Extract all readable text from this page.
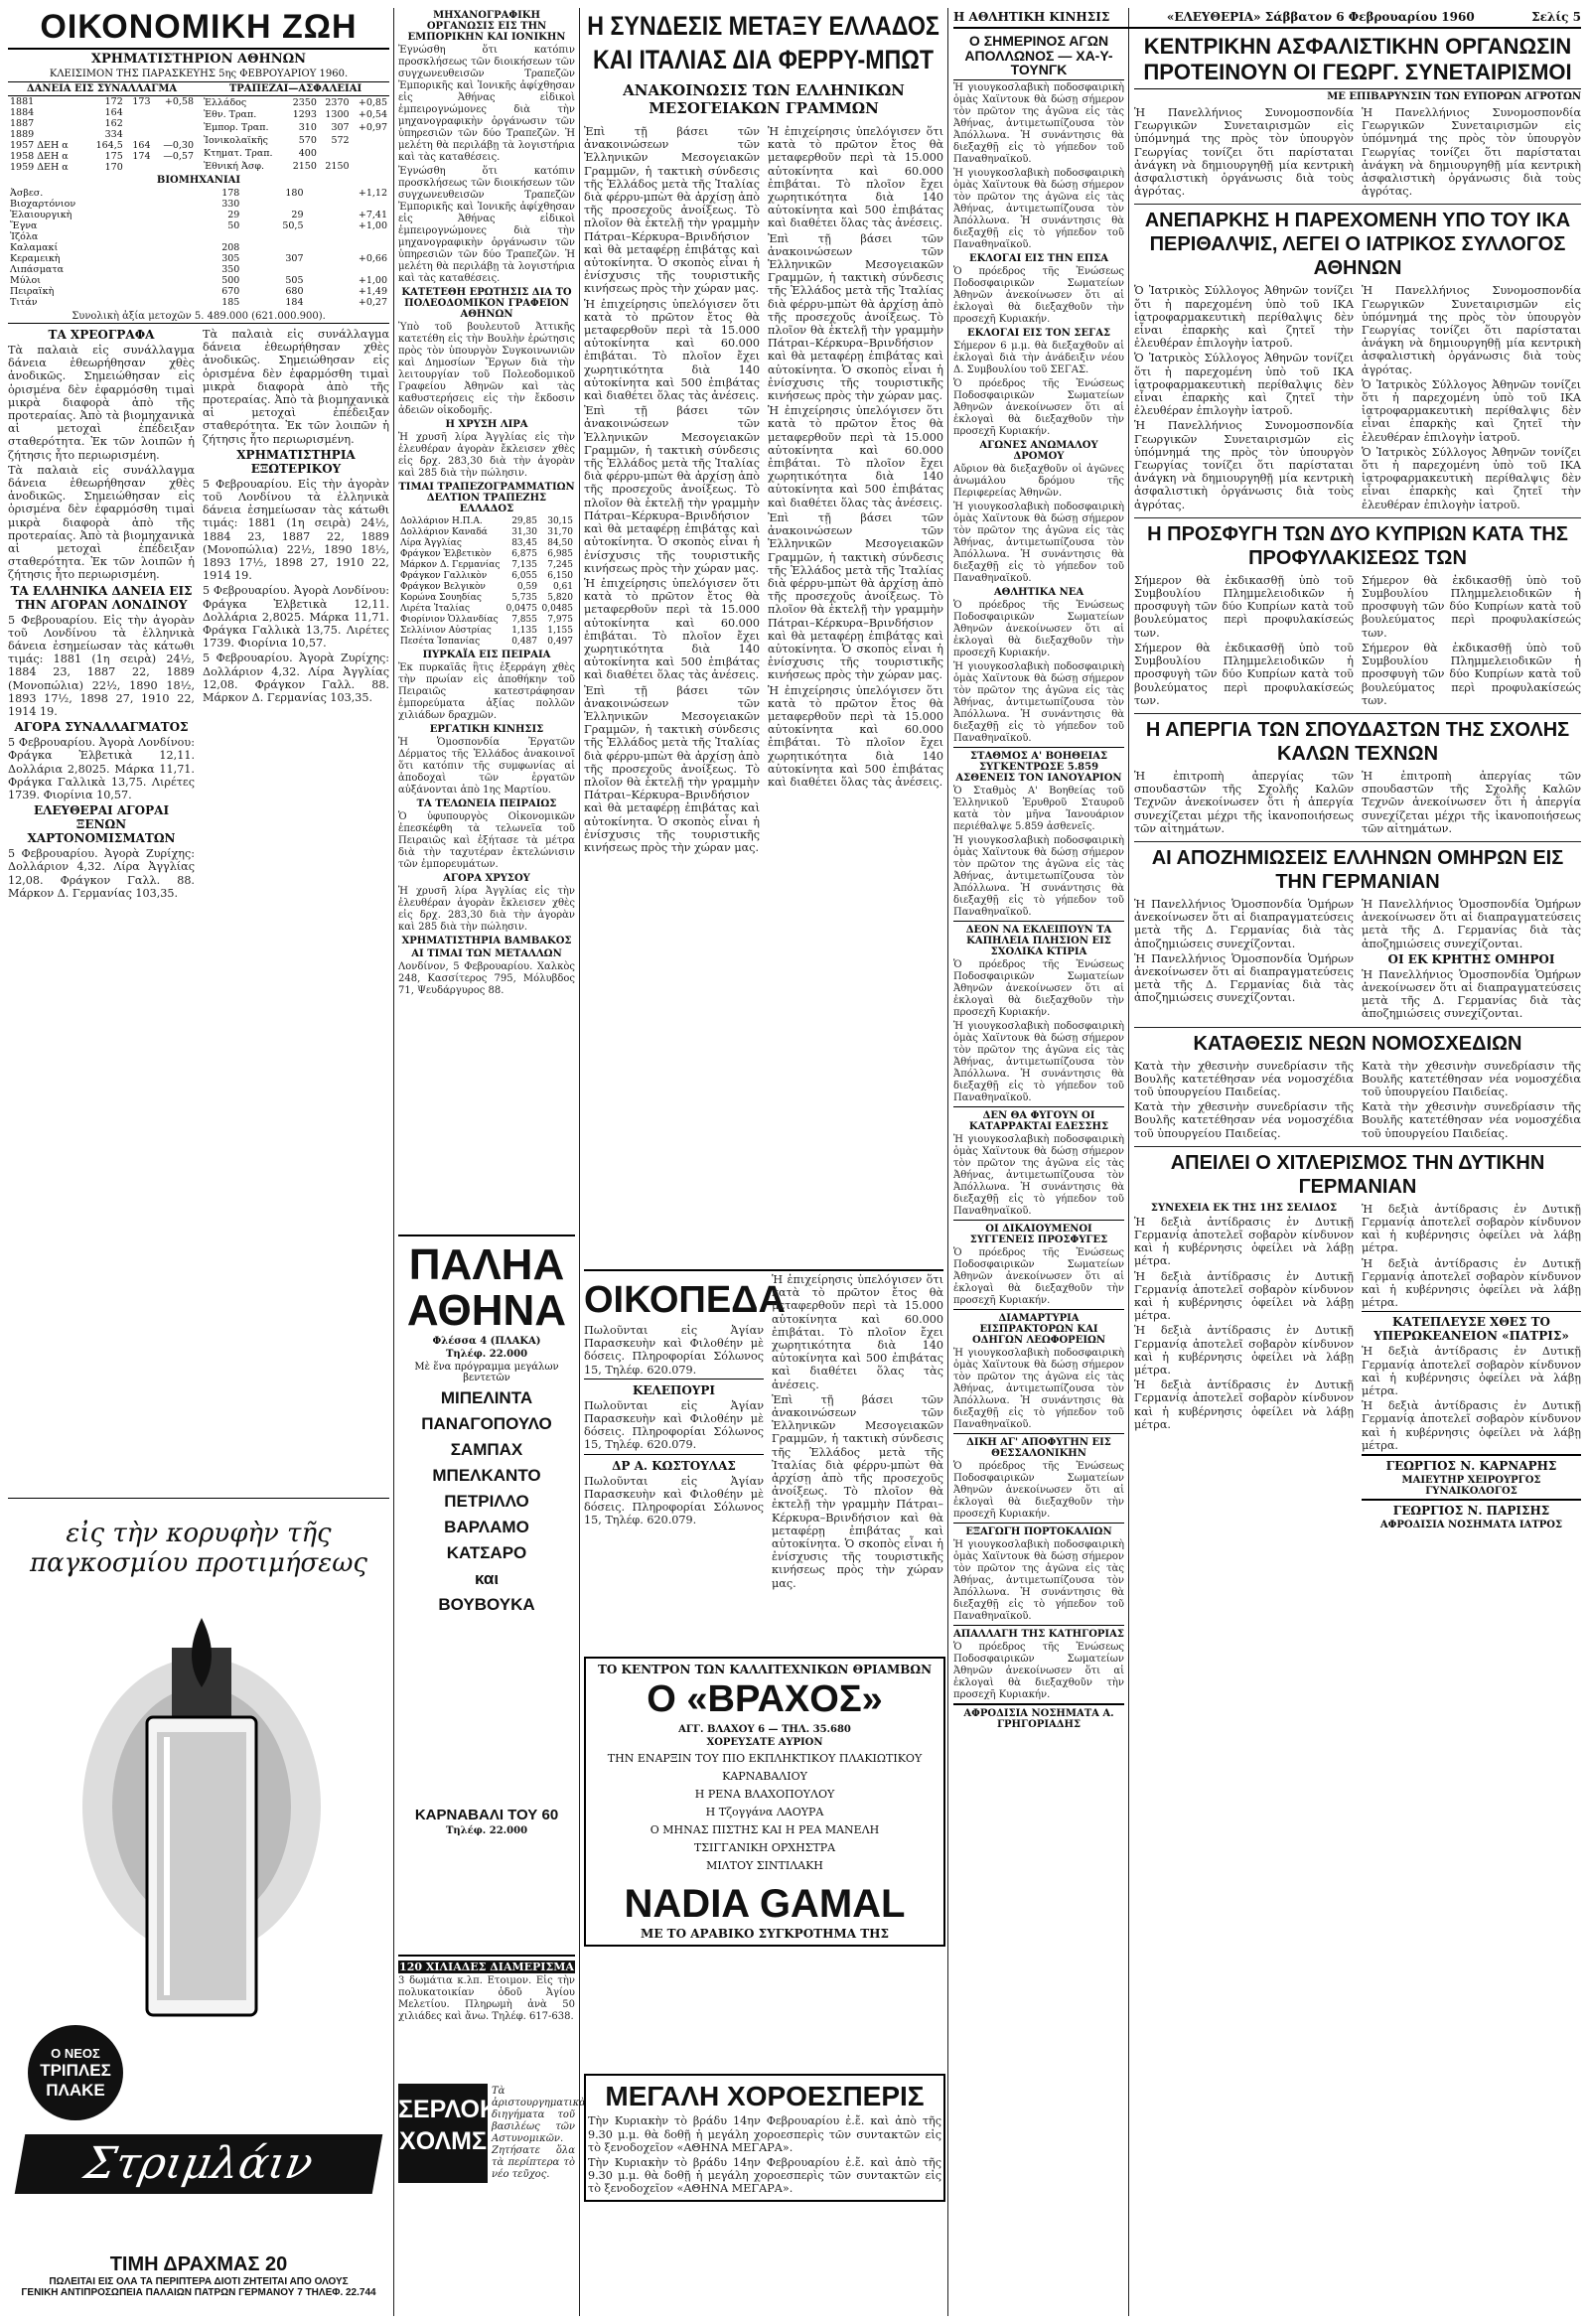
ΟΙΚΟΝΟΜΙΚΗ ΖΩΗ
ΧΡΗΜΑΤΙΣΤΗΡΙΟΝ ΑΘΗΝΩΝ
ΚΛΕΙΣΙΜΟΝ ΤΗΣ ΠΑΡΑΣΚΕΥΗΣ 5ης ΦΕΒΡΟΥΑΡΙΟΥ 1960.
ΔΑΝΕΙΑ ΕΙΣ ΣΥΝΑΛΛΑΓΜΑ	ΤΡΑΠΕΖΑΙ—ΑΣΦΑΛΕΙΑΙ
1881	172	173	+0,58
1884	164		
1887	162		
1889	334		
1957 ΔΕΗ α	164,5	164	—0,30
1958 ΔΕΗ α	175	174	—0,57
1959 ΔΕΗ α	170		
Ἑλλάδος	2350	2370	+0,85
Ἐθν. Τραπ.	1293	1300	+0,54
Ἐμπορ. Τραπ.	310	307	+0,97
Ἰονικολαϊκῆς	570	572	
Κτηματ. Τραπ.	400		
Ἐθνική Ἀσφ.	2150	2150	
ΒΙΟΜΗΧΑΝΙΑΙ
Ἀσβεσ.	178	180	+1,12
Βιοχαρτόνιον	330		
Ἐλαιουργικὴ	29	29	+7,41
Ἔγνα	50	50,5	+1,00
Ἰζόλα			
Καλαμακί	208		
Κεραμεικὴ	305	307	+0,66
Λιπάσματα	350		
Μύλοι	500	505	+1,00
Πειραϊκὴ	670	680	+1,49
Τιτάν	185	184	+0,27
Συνολικὴ ἀξία μετοχῶν 5. 489.000 (621.000.900).
ΤΑ ΧΡΕΟΓΡΑΦΑ
Τὰ παλαιὰ εἰς συνάλλαγμα δάνεια ἐθεωρήθησαν χθὲς ἀνοδικῶς. Σημειώθησαν εἰς ὁρισμένα δὲν ἐφαρμόσθη τιμαὶ μικρὰ διαφορὰ ἀπὸ τῆς προτεραίας. Ἀπὸ τὰ βιομηχανικὰ αἱ μετοχαὶ ἐπέδειξαν σταθερότητα. Ἐκ τῶν λοιπῶν ἡ ζήτησις ἦτο περιωρισμένη.
Τὰ παλαιὰ εἰς συνάλλαγμα δάνεια ἐθεωρήθησαν χθὲς ἀνοδικῶς. Σημειώθησαν εἰς ὁρισμένα δὲν ἐφαρμόσθη τιμαὶ μικρὰ διαφορὰ ἀπὸ τῆς προτεραίας. Ἀπὸ τὰ βιομηχανικὰ αἱ μετοχαὶ ἐπέδειξαν σταθερότητα. Ἐκ τῶν λοιπῶν ἡ ζήτησις ἦτο περιωρισμένη.
ΤΑ ΕΛΛΗΝΙΚΑ ΔΑΝΕΙΑ ΕΙΣ ΤΗΝ ΑΓΟΡΑΝ ΛΟΝΔΙΝΟΥ
5 Φεβρουαρίου. Εἰς τὴν ἀγορὰν τοῦ Λονδίνου τὰ ἑλληνικὰ δάνεια ἐσημείωσαν τὰς κάτωθι τιμάς: 1881 (1η σειρὰ) 24½, 1884 23, 1887 22, 1889 (Μονοπώλια) 22½, 1890 18½, 1893 17½, 1898 27, 1910 22, 1914 19.
ΑΓΟΡΑ ΣΥΝΑΛΛΑΓΜΑΤΟΣ
5 Φεβρουαρίου. Ἀγορὰ Λονδίνου: Φράγκα Ἑλβετικὰ 12,11. Δολλάρια 2,8025. Μάρκα 11,71. Φράγκα Γαλλικὰ 13,75. Λιρέτες 1739. Φιορίνια 10,57.
ΕΛΕΥΘΕΡΑΙ ΑΓΟΡΑΙ ΞΕΝΩΝ ΧΑΡΤΟΝΟΜΙΣΜΑΤΩΝ
5 Φεβρουαρίου. Ἀγορὰ Ζυρίχης: Δολλάριον 4,32. Λίρα Ἀγγλίας 12,08. Φράγκον Γαλλ. 88. Μάρκον Δ. Γερμανίας 103,35.
Τὰ παλαιὰ εἰς συνάλλαγμα δάνεια ἐθεωρήθησαν χθὲς ἀνοδικῶς. Σημειώθησαν εἰς ὁρισμένα δὲν ἐφαρμόσθη τιμαὶ μικρὰ διαφορὰ ἀπὸ τῆς προτεραίας. Ἀπὸ τὰ βιομηχανικὰ αἱ μετοχαὶ ἐπέδειξαν σταθερότητα. Ἐκ τῶν λοιπῶν ἡ ζήτησις ἦτο περιωρισμένη.
ΧΡΗΜΑΤΙΣΤΗΡΙΑ ΕΞΩΤΕΡΙΚΟΥ
5 Φεβρουαρίου. Εἰς τὴν ἀγορὰν τοῦ Λονδίνου τὰ ἑλληνικὰ δάνεια ἐσημείωσαν τὰς κάτωθι τιμάς: 1881 (1η σειρὰ) 24½, 1884 23, 1887 22, 1889 (Μονοπώλια) 22½, 1890 18½, 1893 17½, 1898 27, 1910 22, 1914 19.
5 Φεβρουαρίου. Ἀγορὰ Λονδίνου: Φράγκα Ἑλβετικὰ 12,11. Δολλάρια 2,8025. Μάρκα 11,71. Φράγκα Γαλλικὰ 13,75. Λιρέτες 1739. Φιορίνια 10,57.
5 Φεβρουαρίου. Ἀγορὰ Ζυρίχης: Δολλάριον 4,32. Λίρα Ἀγγλίας 12,08. Φράγκον Γαλλ. 88. Μάρκον Δ. Γερμανίας 103,35.
εἰς τὴν κορυφὴν τῆς παγκοσμίου προτιμήσεως
Ο ΝΕΟΣ
ΤΡΙΠΛΕΣ
ΠΛΑΚΕ
Στριμλάιν
ΤΙΜΗ ΔΡΑΧΜΑΣ 20
ΠΩΛΕΙΤΑΙ ΕΙΣ ΟΛΑ ΤΑ ΠΕΡΙΠΤΕΡΑ ΔΙΟΤΙ ΖΗΤΕΙΤΑΙ ΑΠΟ ΟΛΟΥΣ
ΓΕΝΙΚΗ ΑΝΤΙΠΡΟΣΩΠΕΙΑ ΠΑΛΑΙΩΝ ΠΑΤΡΩΝ ΓΕΡΜΑΝΟΥ 7 ΤΗΛΕΦ. 22.744
ΜΗΧΑΝΟΓΡΑΦΙΚΗ ΟΡΓΑΝΩΣΙΣ ΕΙΣ ΤΗΝ ΕΜΠΟΡΙΚΗΝ ΚΑΙ ΙΟΝΙΚΗΝ
Ἐγνώσθη ὅτι κατόπιν προσκλήσεως τῶν διοικήσεων τῶν συγχωνευθεισῶν Τραπεζῶν Ἐμπορικῆς καὶ Ἰονικῆς ἀφίχθησαν εἰς Ἀθήνας εἰδικοὶ ἐμπειρογνώμονες διὰ τὴν μηχανογραφικὴν ὀργάνωσιν τῶν ὑπηρεσιῶν τῶν δύο Τραπεζῶν. Ἡ μελέτη θὰ περιλάβῃ τὰ λογιστήρια καὶ τὰς καταθέσεις.
Ἐγνώσθη ὅτι κατόπιν προσκλήσεως τῶν διοικήσεων τῶν συγχωνευθεισῶν Τραπεζῶν Ἐμπορικῆς καὶ Ἰονικῆς ἀφίχθησαν εἰς Ἀθήνας εἰδικοὶ ἐμπειρογνώμονες διὰ τὴν μηχανογραφικὴν ὀργάνωσιν τῶν ὑπηρεσιῶν τῶν δύο Τραπεζῶν. Ἡ μελέτη θὰ περιλάβῃ τὰ λογιστήρια καὶ τὰς καταθέσεις.
ΚΑΤΕΤΕΘΗ ΕΡΩΤΗΣΙΣ ΔΙΑ ΤΟ ΠΟΛΕΟΔΟΜΙΚΟΝ ΓΡΑΦΕΙΟΝ ΑΘΗΝΩΝ
Ὑπὸ τοῦ βουλευτοῦ Ἀττικῆς κατετέθη εἰς τὴν Βουλὴν ἐρώτησις πρὸς τὸν ὑπουργὸν Συγκοινωνιῶν καὶ Δημοσίων Ἔργων διὰ τὴν λειτουργίαν τοῦ Πολεοδομικοῦ Γραφείου Ἀθηνῶν καὶ τὰς καθυστερήσεις εἰς τὴν ἔκδοσιν ἀδειῶν οἰκοδομῆς.
Η ΧΡΥΣΗ ΛΙΡΑ
Ἡ χρυσῆ λίρα Ἀγγλίας εἰς τὴν ἐλευθέραν ἀγορὰν ἔκλεισεν χθὲς εἰς δρχ. 283,30 διὰ τὴν ἀγορὰν καὶ 285 διὰ τὴν πώλησιν.
ΤΙΜΑΙ ΤΡΑΠΕΖΟΓΡΑΜΜΑΤΙΩΝ ΔΕΛΤΙΟΝ ΤΡΑΠΕΖΗΣ ΕΛΛΑΔΟΣ
Δολλάριον Η.Π.Α.	29,85	30,15
Δολλάριον Καναδά	31,30	31,70
Λίρα Ἀγγλίας	83,45	84,50
Φράγκον Ἑλβετικὸν	6,875	6,985
Μάρκον Δ. Γερμανίας	7,135	7,245
Φράγκον Γαλλικὸν	6,055	6,150
Φράγκον Βελγικὸν	0,59	0,61
Κορώνα Σουηδίας	5,735	5,820
Λιρέτα Ἰταλίας	0,0475	0,0485
Φιορίνιον Ὁλλανδίας	7,855	7,975
Σελλίνιον Αὐστρίας	1,135	1,155
Πεσέτα Ἰσπανίας	0,487	0,497
ΠΥΡΚΑΪΑ ΕΙΣ ΠΕΙΡΑΙΑ
Ἐκ πυρκαϊᾶς ἣτις ἐξερράγη χθὲς τὴν πρωίαν εἰς ἀποθήκην τοῦ Πειραιῶς κατεστράφησαν ἐμπορεύματα ἀξίας πολλῶν χιλιάδων δραχμῶν.
ΕΡΓΑΤΙΚΗ ΚΙΝΗΣΙΣ
Ἡ Ὁμοσπονδία Ἐργατῶν Δέρματος τῆς Ἑλλάδος ἀνακοινοῖ ὅτι κατόπιν τῆς συμφωνίας αἱ ἀποδοχαὶ τῶν ἐργατῶν αὐξάνονται ἀπὸ 1ης Μαρτίου.
ΤΑ ΤΕΛΩΝΕΙΑ ΠΕΙΡΑΙΩΣ
Ὁ ὑφυπουργὸς Οἰκονομικῶν ἐπεσκέφθη τὰ τελωνεῖα τοῦ Πειραιῶς καὶ ἐξήτασε τὰ μέτρα διὰ τὴν ταχυτέραν ἐκτελώνισιν τῶν ἐμπορευμάτων.
ΑΓΟΡΑ ΧΡΥΣΟΥ
Ἡ χρυσῆ λίρα Ἀγγλίας εἰς τὴν ἐλευθέραν ἀγορὰν ἔκλεισεν χθὲς εἰς δρχ. 283,30 διὰ τὴν ἀγορὰν καὶ 285 διὰ τὴν πώλησιν.
ΧΡΗΜΑΤΙΣΤΗΡΙΑ ΒΑΜΒΑΚΟΣ
ΑΙ ΤΙΜΑΙ ΤΩΝ ΜΕΤΑΛΛΩΝ
Λονδίνον, 5 Φεβρουαρίου. Χαλκὸς 248, Κασσίτερος 795, Μόλυβδος 71, Ψευδάργυρος 88.
ΠΑΛΗΑ
ΑΘΗΝΑ
Φλέσσα 4 (ΠΛΑΚΑ)
Τηλέφ. 22.000
Μὲ ἕνα πρόγραμμα μεγάλων βεντετῶν
ΜΙΠΕΛΙΝΤΑ
ΠΑΝΑΓΟΠΟΥΛΟ
ΣΑΜΠΑΧ
ΜΠΕΛΚΑΝΤΟ
ΠΕΤΡΙΛΛΟ
ΒΑΡΛΑΜΟ
ΚΑΤΣΑΡΟ
και
ΒΟΥΒΟΥΚΑ
ΚΑΡΝΑΒΑΛΙ ΤΟΥ 60
Τηλέφ. 22.000
120 ΧΙΛΙΑΔΕΣ ΔΙΑΜΕΡΙΣΜΑ
3 δωμάτια κ.λπ. Ετοιμον. Εἰς τὴν πολυκατοικίαν ὁδοῦ Ἀγίου Μελετίου. Πληρωμὴ ἀνὰ 50 χιλιάδες καὶ ἄνω. Τηλέφ. 617-638.
ΣΕΡΛΟΚ
ΧΟΛΜΣ
Τὰ ἀριστουργηματικὰ διηγήματα τοῦ βασιλέως τῶν Αστυνομικῶν. Ζητήσατε ὅλα τὰ περίπτερα τὸ νέο τεῦχος.
Η ΣΥΝΔΕΣΙΣ ΜΕΤΑΞΥ ΕΛΛΑΔΟΣ
ΚΑΙ ΙΤΑΛΙΑΣ ΔΙΑ ΦΕΡΡΥ-ΜΠΩΤ
ΑΝΑΚΟΙΝΩΣΙΣ ΤΩΝ ΕΛΛΗΝΙΚΩΝ ΜΕΣΟΓΕΙΑΚΩΝ ΓΡΑΜΜΩΝ
Ἐπὶ τῇ βάσει τῶν ἀνακοινώσεων τῶν Ἑλληνικῶν Μεσογειακῶν Γραμμῶν, ἡ τακτικὴ σύνδεσις τῆς Ἑλλάδος μετὰ τῆς Ἰταλίας διὰ φέρρυ-μπὼτ θὰ ἀρχίσῃ ἀπὸ τῆς προσεχοῦς ἀνοίξεως. Τὸ πλοῖον θὰ ἐκτελῇ τὴν γραμμὴν Πάτραι–Κέρκυρα–Βρινδήσιον καὶ θὰ μεταφέρῃ ἐπιβάτας καὶ αὐτοκίνητα. Ὁ σκοπὸς εἶναι ἡ ἐνίσχυσις τῆς τουριστικῆς κινήσεως πρὸς τὴν χώραν μας.
Ἡ ἐπιχείρησις ὑπελόγισεν ὅτι κατὰ τὸ πρῶτον ἔτος θὰ μεταφερθοῦν περὶ τὰ 15.000 αὐτοκίνητα καὶ 60.000 ἐπιβάται. Τὸ πλοῖον ἔχει χωρητικότητα διὰ 140 αὐτοκίνητα καὶ 500 ἐπιβάτας καὶ διαθέτει ὅλας τὰς ἀνέσεις.
Ἐπὶ τῇ βάσει τῶν ἀνακοινώσεων τῶν Ἑλληνικῶν Μεσογειακῶν Γραμμῶν, ἡ τακτικὴ σύνδεσις τῆς Ἑλλάδος μετὰ τῆς Ἰταλίας διὰ φέρρυ-μπὼτ θὰ ἀρχίσῃ ἀπὸ τῆς προσεχοῦς ἀνοίξεως. Τὸ πλοῖον θὰ ἐκτελῇ τὴν γραμμὴν Πάτραι–Κέρκυρα–Βρινδήσιον καὶ θὰ μεταφέρῃ ἐπιβάτας καὶ αὐτοκίνητα. Ὁ σκοπὸς εἶναι ἡ ἐνίσχυσις τῆς τουριστικῆς κινήσεως πρὸς τὴν χώραν μας.
Ἡ ἐπιχείρησις ὑπελόγισεν ὅτι κατὰ τὸ πρῶτον ἔτος θὰ μεταφερθοῦν περὶ τὰ 15.000 αὐτοκίνητα καὶ 60.000 ἐπιβάται. Τὸ πλοῖον ἔχει χωρητικότητα διὰ 140 αὐτοκίνητα καὶ 500 ἐπιβάτας καὶ διαθέτει ὅλας τὰς ἀνέσεις.
Ἐπὶ τῇ βάσει τῶν ἀνακοινώσεων τῶν Ἑλληνικῶν Μεσογειακῶν Γραμμῶν, ἡ τακτικὴ σύνδεσις τῆς Ἑλλάδος μετὰ τῆς Ἰταλίας διὰ φέρρυ-μπὼτ θὰ ἀρχίσῃ ἀπὸ τῆς προσεχοῦς ἀνοίξεως. Τὸ πλοῖον θὰ ἐκτελῇ τὴν γραμμὴν Πάτραι–Κέρκυρα–Βρινδήσιον καὶ θὰ μεταφέρῃ ἐπιβάτας καὶ αὐτοκίνητα. Ὁ σκοπὸς εἶναι ἡ ἐνίσχυσις τῆς τουριστικῆς κινήσεως πρὸς τὴν χώραν μας.
Ἡ ἐπιχείρησις ὑπελόγισεν ὅτι κατὰ τὸ πρῶτον ἔτος θὰ μεταφερθοῦν περὶ τὰ 15.000 αὐτοκίνητα καὶ 60.000 ἐπιβάται. Τὸ πλοῖον ἔχει χωρητικότητα διὰ 140 αὐτοκίνητα καὶ 500 ἐπιβάτας καὶ διαθέτει ὅλας τὰς ἀνέσεις.
Ἐπὶ τῇ βάσει τῶν ἀνακοινώσεων τῶν Ἑλληνικῶν Μεσογειακῶν Γραμμῶν, ἡ τακτικὴ σύνδεσις τῆς Ἑλλάδος μετὰ τῆς Ἰταλίας διὰ φέρρυ-μπὼτ θὰ ἀρχίσῃ ἀπὸ τῆς προσεχοῦς ἀνοίξεως. Τὸ πλοῖον θὰ ἐκτελῇ τὴν γραμμὴν Πάτραι–Κέρκυρα–Βρινδήσιον καὶ θὰ μεταφέρῃ ἐπιβάτας καὶ αὐτοκίνητα. Ὁ σκοπὸς εἶναι ἡ ἐνίσχυσις τῆς τουριστικῆς κινήσεως πρὸς τὴν χώραν μας.
Ἡ ἐπιχείρησις ὑπελόγισεν ὅτι κατὰ τὸ πρῶτον ἔτος θὰ μεταφερθοῦν περὶ τὰ 15.000 αὐτοκίνητα καὶ 60.000 ἐπιβάται. Τὸ πλοῖον ἔχει χωρητικότητα διὰ 140 αὐτοκίνητα καὶ 500 ἐπιβάτας καὶ διαθέτει ὅλας τὰς ἀνέσεις.
Ἐπὶ τῇ βάσει τῶν ἀνακοινώσεων τῶν Ἑλληνικῶν Μεσογειακῶν Γραμμῶν, ἡ τακτικὴ σύνδεσις τῆς Ἑλλάδος μετὰ τῆς Ἰταλίας διὰ φέρρυ-μπὼτ θὰ ἀρχίσῃ ἀπὸ τῆς προσεχοῦς ἀνοίξεως. Τὸ πλοῖον θὰ ἐκτελῇ τὴν γραμμὴν Πάτραι–Κέρκυρα–Βρινδήσιον καὶ θὰ μεταφέρῃ ἐπιβάτας καὶ αὐτοκίνητα. Ὁ σκοπὸς εἶναι ἡ ἐνίσχυσις τῆς τουριστικῆς κινήσεως πρὸς τὴν χώραν μας.
Ἡ ἐπιχείρησις ὑπελόγισεν ὅτι κατὰ τὸ πρῶτον ἔτος θὰ μεταφερθοῦν περὶ τὰ 15.000 αὐτοκίνητα καὶ 60.000 ἐπιβάται. Τὸ πλοῖον ἔχει χωρητικότητα διὰ 140 αὐτοκίνητα καὶ 500 ἐπιβάτας καὶ διαθέτει ὅλας τὰς ἀνέσεις.
ΟΙΚΟΠΕΔΑ
Πωλοῦνται εἰς Ἀγίαν Παρασκευὴν καὶ Φιλοθέην μὲ δόσεις. Πληροφορίαι Σόλωνος 15, Τηλέφ. 620.079.
ΚΕΛΕΠΟΥΡΙ
Πωλοῦνται εἰς Ἀγίαν Παρασκευὴν καὶ Φιλοθέην μὲ δόσεις. Πληροφορίαι Σόλωνος 15, Τηλέφ. 620.079.
ΔΡ Α. ΚΩΣΤΟΥΛΑΣ
Πωλοῦνται εἰς Ἀγίαν Παρασκευὴν καὶ Φιλοθέην μὲ δόσεις. Πληροφορίαι Σόλωνος 15, Τηλέφ. 620.079.
Ἡ ἐπιχείρησις ὑπελόγισεν ὅτι κατὰ τὸ πρῶτον ἔτος θὰ μεταφερθοῦν περὶ τὰ 15.000 αὐτοκίνητα καὶ 60.000 ἐπιβάται. Τὸ πλοῖον ἔχει χωρητικότητα διὰ 140 αὐτοκίνητα καὶ 500 ἐπιβάτας καὶ διαθέτει ὅλας τὰς ἀνέσεις.
Ἐπὶ τῇ βάσει τῶν ἀνακοινώσεων τῶν Ἑλληνικῶν Μεσογειακῶν Γραμμῶν, ἡ τακτικὴ σύνδεσις τῆς Ἑλλάδος μετὰ τῆς Ἰταλίας διὰ φέρρυ-μπὼτ θὰ ἀρχίσῃ ἀπὸ τῆς προσεχοῦς ἀνοίξεως. Τὸ πλοῖον θὰ ἐκτελῇ τὴν γραμμὴν Πάτραι–Κέρκυρα–Βρινδήσιον καὶ θὰ μεταφέρῃ ἐπιβάτας καὶ αὐτοκίνητα. Ὁ σκοπὸς εἶναι ἡ ἐνίσχυσις τῆς τουριστικῆς κινήσεως πρὸς τὴν χώραν μας.
ΤΟ ΚΕΝΤΡΟΝ ΤΩΝ ΚΑΛΛΙΤΕΧΝΙΚΩΝ ΘΡΙΑΜΒΩΝ
Ο «ΒΡΑΧΟΣ»
ΑΓΓ. ΒΛΑΧΟΥ 6 — ΤΗΛ. 35.680
ΧΟΡΕΥΣΑΤΕ ΑΥΡΙΟΝ
ΤΗΝ ΕΝΑΡΞΙΝ ΤΟΥ ΠΙΟ ΕΚΠΛΗΚΤΙΚΟΥ ΠΛΑΚΙΩΤΙΚΟΥ ΚΑΡΝΑΒΑΛΙΟΥ
Η ΡΕΝΑ ΒΛΑΧΟΠΟΥΛΟΥ
Η Τζογγάνα ΛΑΟΥΡΑ
Ο ΜΗΝΑΣ ΠΙΣΤΗΣ ΚΑΙ Η ΡΕΑ ΜΑΝΕΛΗ
ΤΣΙΓΓΑΝΙΚΗ ΟΡΧΗΣΤΡΑ
ΜΙΛΤΟΥ ΣΙΝΤΙΛΑΚΗ
NADIA GAMAL
ΜΕ ΤΟ ΑΡΑΒΙΚΟ ΣΥΓΚΡΟΤΗΜΑ ΤΗΣ
ΜΕΓΑΛΗ ΧΟΡΟΕΣΠΕΡΙΣ
Τὴν Κυριακὴν τὸ βράδυ 14ην Φεβρουαρίου ἐ.ἔ. καὶ ἀπὸ τῆς 9.30 μ.μ. θὰ δοθῇ ἡ μεγάλη χοροεσπερὶς τῶν συντακτῶν εἰς τὸ ξενοδοχεῖον «ΑΘΗΝΑ ΜΕΓΑΡΑ».
Τὴν Κυριακὴν τὸ βράδυ 14ην Φεβρουαρίου ἐ.ἔ. καὶ ἀπὸ τῆς 9.30 μ.μ. θὰ δοθῇ ἡ μεγάλη χοροεσπερὶς τῶν συντακτῶν εἰς τὸ ξενοδοχεῖον «ΑΘΗΝΑ ΜΕΓΑΡΑ».
Η ΑΘΛΗΤΙΚΗ ΚΙΝΗΣΙΣ	«ΕΛΕΥΘΕΡΙΑ» Σάββατον 6 Φεβρουαρίου 1960	Σελίς 5
Ο ΣΗΜΕΡΙΝΟΣ ΑΓΩΝ ΑΠΟΛΛΩΝΟΣ — ΧΑ-Υ-ΤΟΥΝΓΚ
Ἡ γιουγκοσλαβικὴ ποδοσφαιρικὴ ὁμὰς Χαϊντουκ θὰ δώσῃ σήμερον τὸν πρῶτον της ἀγῶνα εἰς τὰς Ἀθήνας, ἀντιμετωπίζουσα τὸν Ἀπόλλωνα. Ἡ συνάντησις θὰ διεξαχθῇ εἰς τὸ γήπεδον τοῦ Παναθηναϊκοῦ.
Ἡ γιουγκοσλαβικὴ ποδοσφαιρικὴ ὁμὰς Χαϊντουκ θὰ δώσῃ σήμερον τὸν πρῶτον της ἀγῶνα εἰς τὰς Ἀθήνας, ἀντιμετωπίζουσα τὸν Ἀπόλλωνα. Ἡ συνάντησις θὰ διεξαχθῇ εἰς τὸ γήπεδον τοῦ Παναθηναϊκοῦ.
ΕΚΛΟΓΑΙ ΕΙΣ ΤΗΝ ΕΠΣΑ
Ὁ πρόεδρος τῆς Ἐνώσεως Ποδοσφαιρικῶν Σωματείων Ἀθηνῶν ἀνεκοίνωσεν ὅτι αἱ ἐκλογαὶ θὰ διεξαχθοῦν τὴν προσεχῆ Κυριακήν.
ΕΚΛΟΓΑΙ ΕΙΣ ΤΟΝ ΣΕΓΑΣ
Σήμερον 6 μ.μ. θὰ διεξαχθοῦν αἱ ἐκλογαὶ διὰ τὴν ἀνάδειξιν νέου Δ. Συμβουλίου τοῦ ΣΕΓΑΣ.
Ὁ πρόεδρος τῆς Ἐνώσεως Ποδοσφαιρικῶν Σωματείων Ἀθηνῶν ἀνεκοίνωσεν ὅτι αἱ ἐκλογαὶ θὰ διεξαχθοῦν τὴν προσεχῆ Κυριακήν.
ΑΓΩΝΕΣ ΑΝΩΜΑΛΟΥ ΔΡΟΜΟΥ
Αὔριον θὰ διεξαχθοῦν οἱ ἀγῶνες ἀνωμάλου δρόμου τῆς Περιφερείας Ἀθηνῶν.
Ἡ γιουγκοσλαβικὴ ποδοσφαιρικὴ ὁμὰς Χαϊντουκ θὰ δώσῃ σήμερον τὸν πρῶτον της ἀγῶνα εἰς τὰς Ἀθήνας, ἀντιμετωπίζουσα τὸν Ἀπόλλωνα. Ἡ συνάντησις θὰ διεξαχθῇ εἰς τὸ γήπεδον τοῦ Παναθηναϊκοῦ.
ΑΘΛΗΤΙΚΑ ΝΕΑ
Ὁ πρόεδρος τῆς Ἐνώσεως Ποδοσφαιρικῶν Σωματείων Ἀθηνῶν ἀνεκοίνωσεν ὅτι αἱ ἐκλογαὶ θὰ διεξαχθοῦν τὴν προσεχῆ Κυριακήν.
Ἡ γιουγκοσλαβικὴ ποδοσφαιρικὴ ὁμὰς Χαϊντουκ θὰ δώσῃ σήμερον τὸν πρῶτον της ἀγῶνα εἰς τὰς Ἀθήνας, ἀντιμετωπίζουσα τὸν Ἀπόλλωνα. Ἡ συνάντησις θὰ διεξαχθῇ εἰς τὸ γήπεδον τοῦ Παναθηναϊκοῦ.
ΣΤΑΘΜΟΣ Α' ΒΟΗΘΕΙΑΣ ΣΥΓΚΕΝΤΡΩΣΕ 5.859 ΑΣΘΕΝΕΙΣ ΤΟΝ ΙΑΝΟΥΑΡΙΟΝ
Ὁ Σταθμὸς Α' Βοηθείας τοῦ Ἑλληνικοῦ Ἐρυθροῦ Σταυροῦ κατὰ τὸν μῆνα Ἰανουάριον περιέθαλψε 5.859 ἀσθενεῖς.
Ἡ γιουγκοσλαβικὴ ποδοσφαιρικὴ ὁμὰς Χαϊντουκ θὰ δώσῃ σήμερον τὸν πρῶτον της ἀγῶνα εἰς τὰς Ἀθήνας, ἀντιμετωπίζουσα τὸν Ἀπόλλωνα. Ἡ συνάντησις θὰ διεξαχθῇ εἰς τὸ γήπεδον τοῦ Παναθηναϊκοῦ.
ΔΕΟΝ ΝΑ ΕΚΛΕΙΠΟΥΝ ΤΑ ΚΑΠΗΛΕΙΑ ΠΛΗΣΙΟΝ ΕΙΣ ΣΧΟΛΙΚΑ ΚΤΙΡΙΑ
Ὁ πρόεδρος τῆς Ἐνώσεως Ποδοσφαιρικῶν Σωματείων Ἀθηνῶν ἀνεκοίνωσεν ὅτι αἱ ἐκλογαὶ θὰ διεξαχθοῦν τὴν προσεχῆ Κυριακήν.
Ἡ γιουγκοσλαβικὴ ποδοσφαιρικὴ ὁμὰς Χαϊντουκ θὰ δώσῃ σήμερον τὸν πρῶτον της ἀγῶνα εἰς τὰς Ἀθήνας, ἀντιμετωπίζουσα τὸν Ἀπόλλωνα. Ἡ συνάντησις θὰ διεξαχθῇ εἰς τὸ γήπεδον τοῦ Παναθηναϊκοῦ.
ΔΕΝ ΘΑ ΦΥΓΟΥΝ ΟΙ ΚΑΤΑΡΡΑΚΤΑΙ ΕΔΕΣΣΗΣ
Ἡ γιουγκοσλαβικὴ ποδοσφαιρικὴ ὁμὰς Χαϊντουκ θὰ δώσῃ σήμερον τὸν πρῶτον της ἀγῶνα εἰς τὰς Ἀθήνας, ἀντιμετωπίζουσα τὸν Ἀπόλλωνα. Ἡ συνάντησις θὰ διεξαχθῇ εἰς τὸ γήπεδον τοῦ Παναθηναϊκοῦ.
ΟΙ ΔΙΚΑΙΟΥΜΕΝΟΙ ΣΥΓΓΕΝΕΙΣ ΠΡΟΣΦΥΓΕΣ
Ὁ πρόεδρος τῆς Ἐνώσεως Ποδοσφαιρικῶν Σωματείων Ἀθηνῶν ἀνεκοίνωσεν ὅτι αἱ ἐκλογαὶ θὰ διεξαχθοῦν τὴν προσεχῆ Κυριακήν.
ΔΙΑΜΑΡΤΥΡΙΑ ΕΙΣΠΡΑΚΤΟΡΩΝ ΚΑΙ ΟΔΗΓΩΝ ΛΕΩΦΟΡΕΙΩΝ
Ἡ γιουγκοσλαβικὴ ποδοσφαιρικὴ ὁμὰς Χαϊντουκ θὰ δώσῃ σήμερον τὸν πρῶτον της ἀγῶνα εἰς τὰς Ἀθήνας, ἀντιμετωπίζουσα τὸν Ἀπόλλωνα. Ἡ συνάντησις θὰ διεξαχθῇ εἰς τὸ γήπεδον τοῦ Παναθηναϊκοῦ.
ΔΙΚΗ ΑΓ' ΑΠΟΦΥΓΗΝ ΕΙΣ ΘΕΣΣΑΛΟΝΙΚΗΝ
Ὁ πρόεδρος τῆς Ἐνώσεως Ποδοσφαιρικῶν Σωματείων Ἀθηνῶν ἀνεκοίνωσεν ὅτι αἱ ἐκλογαὶ θὰ διεξαχθοῦν τὴν προσεχῆ Κυριακήν.
ΕΞΑΓΩΓΗ ΠΟΡΤΟΚΑΛΙΩΝ
Ἡ γιουγκοσλαβικὴ ποδοσφαιρικὴ ὁμὰς Χαϊντουκ θὰ δώσῃ σήμερον τὸν πρῶτον της ἀγῶνα εἰς τὰς Ἀθήνας, ἀντιμετωπίζουσα τὸν Ἀπόλλωνα. Ἡ συνάντησις θὰ διεξαχθῇ εἰς τὸ γήπεδον τοῦ Παναθηναϊκοῦ.
ΑΠΑΛΛΑΓΗ ΤΗΣ ΚΑΤΗΓΟΡΙΑΣ
Ὁ πρόεδρος τῆς Ἐνώσεως Ποδοσφαιρικῶν Σωματείων Ἀθηνῶν ἀνεκοίνωσεν ὅτι αἱ ἐκλογαὶ θὰ διεξαχθοῦν τὴν προσεχῆ Κυριακήν.
ΑΦΡΟΔΙΣΙΑ ΝΟΣΗΜΑΤΑ Α. ΓΡΗΓΟΡΙΑΔΗΣ
ΚΕΝΤΡΙΚΗΝ ΑΣΦΑΛΙΣΤΙΚΗΝ ΟΡΓΑΝΩΣΙΝ ΠΡΟΤΕΙΝΟΥΝ ΟΙ ΓΕΩΡΓ. ΣΥΝΕΤΑΙΡΙΣΜΟΙ
ΜΕ ΕΠΙΒΑΡΥΝΣΙΝ ΤΩΝ ΕΥΠΟΡΩΝ ΑΓΡΟΤΩΝ
Ἡ Πανελλήνιος Συνομοσπονδία Γεωργικῶν Συνεταιρισμῶν εἰς ὑπόμνημά της πρὸς τὸν ὑπουργὸν Γεωργίας τονίζει ὅτι παρίσταται ἀνάγκη νὰ δημιουργηθῇ μία κεντρικὴ ἀσφαλιστικὴ ὀργάνωσις διὰ τοὺς ἀγρότας.
Ἡ Πανελλήνιος Συνομοσπονδία Γεωργικῶν Συνεταιρισμῶν εἰς ὑπόμνημά της πρὸς τὸν ὑπουργὸν Γεωργίας τονίζει ὅτι παρίσταται ἀνάγκη νὰ δημιουργηθῇ μία κεντρικὴ ἀσφαλιστικὴ ὀργάνωσις διὰ τοὺς ἀγρότας.
ΑΝΕΠΑΡΚΗΣ Η ΠΑΡΕΧΟΜΕΝΗ ΥΠΟ ΤΟΥ ΙΚΑ ΠΕΡΙΘΑΛΨΙΣ, ΛΕΓΕΙ Ο ΙΑΤΡΙΚΟΣ ΣΥΛΛΟΓΟΣ ΑΘΗΝΩΝ
Ὁ Ἰατρικὸς Σύλλογος Ἀθηνῶν τονίζει ὅτι ἡ παρεχομένη ὑπὸ τοῦ ΙΚΑ ἰατροφαρμακευτικὴ περίθαλψις δὲν εἶναι ἐπαρκὴς καὶ ζητεῖ τὴν ἐλευθέραν ἐπιλογὴν ἰατροῦ.
Ὁ Ἰατρικὸς Σύλλογος Ἀθηνῶν τονίζει ὅτι ἡ παρεχομένη ὑπὸ τοῦ ΙΚΑ ἰατροφαρμακευτικὴ περίθαλψις δὲν εἶναι ἐπαρκὴς καὶ ζητεῖ τὴν ἐλευθέραν ἐπιλογὴν ἰατροῦ.
Ἡ Πανελλήνιος Συνομοσπονδία Γεωργικῶν Συνεταιρισμῶν εἰς ὑπόμνημά της πρὸς τὸν ὑπουργὸν Γεωργίας τονίζει ὅτι παρίσταται ἀνάγκη νὰ δημιουργηθῇ μία κεντρικὴ ἀσφαλιστικὴ ὀργάνωσις διὰ τοὺς ἀγρότας.
Ἡ Πανελλήνιος Συνομοσπονδία Γεωργικῶν Συνεταιρισμῶν εἰς ὑπόμνημά της πρὸς τὸν ὑπουργὸν Γεωργίας τονίζει ὅτι παρίσταται ἀνάγκη νὰ δημιουργηθῇ μία κεντρικὴ ἀσφαλιστικὴ ὀργάνωσις διὰ τοὺς ἀγρότας.
Ὁ Ἰατρικὸς Σύλλογος Ἀθηνῶν τονίζει ὅτι ἡ παρεχομένη ὑπὸ τοῦ ΙΚΑ ἰατροφαρμακευτικὴ περίθαλψις δὲν εἶναι ἐπαρκὴς καὶ ζητεῖ τὴν ἐλευθέραν ἐπιλογὴν ἰατροῦ.
Ὁ Ἰατρικὸς Σύλλογος Ἀθηνῶν τονίζει ὅτι ἡ παρεχομένη ὑπὸ τοῦ ΙΚΑ ἰατροφαρμακευτικὴ περίθαλψις δὲν εἶναι ἐπαρκὴς καὶ ζητεῖ τὴν ἐλευθέραν ἐπιλογὴν ἰατροῦ.
Η ΠΡΟΣΦΥΓΗ ΤΩΝ ΔΥΟ ΚΥΠΡΙΩΝ ΚΑΤΑ ΤΗΣ ΠΡΟΦΥΛΑΚΙΣΕΩΣ ΤΩΝ
Σήμερον θὰ ἐκδικασθῇ ὑπὸ τοῦ Συμβουλίου Πλημμελειοδικῶν ἡ προσφυγὴ τῶν δύο Κυπρίων κατὰ τοῦ βουλεύματος περὶ προφυλακίσεώς των.
Σήμερον θὰ ἐκδικασθῇ ὑπὸ τοῦ Συμβουλίου Πλημμελειοδικῶν ἡ προσφυγὴ τῶν δύο Κυπρίων κατὰ τοῦ βουλεύματος περὶ προφυλακίσεώς των.
Σήμερον θὰ ἐκδικασθῇ ὑπὸ τοῦ Συμβουλίου Πλημμελειοδικῶν ἡ προσφυγὴ τῶν δύο Κυπρίων κατὰ τοῦ βουλεύματος περὶ προφυλακίσεώς των.
Σήμερον θὰ ἐκδικασθῇ ὑπὸ τοῦ Συμβουλίου Πλημμελειοδικῶν ἡ προσφυγὴ τῶν δύο Κυπρίων κατὰ τοῦ βουλεύματος περὶ προφυλακίσεώς των.
Η ΑΠΕΡΓΙΑ ΤΩΝ ΣΠΟΥΔΑΣΤΩΝ ΤΗΣ ΣΧΟΛΗΣ ΚΑΛΩΝ ΤΕΧΝΩΝ
Ἡ ἐπιτροπὴ ἀπεργίας τῶν σπουδαστῶν τῆς Σχολῆς Καλῶν Τεχνῶν ἀνεκοίνωσεν ὅτι ἡ ἀπεργία συνεχίζεται μέχρι τῆς ἱκανοποιήσεως τῶν αἰτημάτων.
Ἡ ἐπιτροπὴ ἀπεργίας τῶν σπουδαστῶν τῆς Σχολῆς Καλῶν Τεχνῶν ἀνεκοίνωσεν ὅτι ἡ ἀπεργία συνεχίζεται μέχρι τῆς ἱκανοποιήσεως τῶν αἰτημάτων.
ΑΙ ΑΠΟΖΗΜΙΩΣΕΙΣ ΕΛΛΗΝΩΝ ΟΜΗΡΩΝ ΕΙΣ ΤΗΝ ΓΕΡΜΑΝΙΑΝ
Ἡ Πανελλήνιος Ὁμοσπονδία Ὁμήρων ἀνεκοίνωσεν ὅτι αἱ διαπραγματεύσεις μετὰ τῆς Δ. Γερμανίας διὰ τὰς ἀποζημιώσεις συνεχίζονται.
Ἡ Πανελλήνιος Ὁμοσπονδία Ὁμήρων ἀνεκοίνωσεν ὅτι αἱ διαπραγματεύσεις μετὰ τῆς Δ. Γερμανίας διὰ τὰς ἀποζημιώσεις συνεχίζονται.
Ἡ Πανελλήνιος Ὁμοσπονδία Ὁμήρων ἀνεκοίνωσεν ὅτι αἱ διαπραγματεύσεις μετὰ τῆς Δ. Γερμανίας διὰ τὰς ἀποζημιώσεις συνεχίζονται.
ΟΙ ΕΚ ΚΡΗΤΗΣ ΟΜΗΡΟΙ
Ἡ Πανελλήνιος Ὁμοσπονδία Ὁμήρων ἀνεκοίνωσεν ὅτι αἱ διαπραγματεύσεις μετὰ τῆς Δ. Γερμανίας διὰ τὰς ἀποζημιώσεις συνεχίζονται.
ΚΑΤΑΘΕΣΙΣ ΝΕΩΝ ΝΟΜΟΣΧΕΔΙΩΝ
Κατὰ τὴν χθεσινὴν συνεδρίασιν τῆς Βουλῆς κατετέθησαν νέα νομοσχέδια τοῦ ὑπουργείου Παιδείας.
Κατὰ τὴν χθεσινὴν συνεδρίασιν τῆς Βουλῆς κατετέθησαν νέα νομοσχέδια τοῦ ὑπουργείου Παιδείας.
Κατὰ τὴν χθεσινὴν συνεδρίασιν τῆς Βουλῆς κατετέθησαν νέα νομοσχέδια τοῦ ὑπουργείου Παιδείας.
Κατὰ τὴν χθεσινὴν συνεδρίασιν τῆς Βουλῆς κατετέθησαν νέα νομοσχέδια τοῦ ὑπουργείου Παιδείας.
ΑΠΕΙΛΕΙ Ο ΧΙΤΛΕΡΙΣΜΟΣ ΤΗΝ ΔΥΤΙΚΗΝ ΓΕΡΜΑΝΙΑΝ
ΣΥΝΕΧΕΙΑ ΕΚ ΤΗΣ 1ΗΣ ΣΕΛΙΔΟΣ
Ἡ δεξιὰ ἀντίδρασις ἐν Δυτικῇ Γερμανίᾳ ἀποτελεῖ σοβαρὸν κίνδυνον καὶ ἡ κυβέρνησις ὀφείλει νὰ λάβῃ μέτρα.
Ἡ δεξιὰ ἀντίδρασις ἐν Δυτικῇ Γερμανίᾳ ἀποτελεῖ σοβαρὸν κίνδυνον καὶ ἡ κυβέρνησις ὀφείλει νὰ λάβῃ μέτρα.
Ἡ δεξιὰ ἀντίδρασις ἐν Δυτικῇ Γερμανίᾳ ἀποτελεῖ σοβαρὸν κίνδυνον καὶ ἡ κυβέρνησις ὀφείλει νὰ λάβῃ μέτρα.
Ἡ δεξιὰ ἀντίδρασις ἐν Δυτικῇ Γερμανίᾳ ἀποτελεῖ σοβαρὸν κίνδυνον καὶ ἡ κυβέρνησις ὀφείλει νὰ λάβῃ μέτρα.
Ἡ δεξιὰ ἀντίδρασις ἐν Δυτικῇ Γερμανίᾳ ἀποτελεῖ σοβαρὸν κίνδυνον καὶ ἡ κυβέρνησις ὀφείλει νὰ λάβῃ μέτρα.
Ἡ δεξιὰ ἀντίδρασις ἐν Δυτικῇ Γερμανίᾳ ἀποτελεῖ σοβαρὸν κίνδυνον καὶ ἡ κυβέρνησις ὀφείλει νὰ λάβῃ μέτρα.
ΚΑΤΕΠΛΕΥΣΕ ΧΘΕΣ ΤΟ ΥΠΕΡΩΚΕΑΝΕΙΟΝ «ΠΑΤΡΙΣ»
Ἡ δεξιὰ ἀντίδρασις ἐν Δυτικῇ Γερμανίᾳ ἀποτελεῖ σοβαρὸν κίνδυνον καὶ ἡ κυβέρνησις ὀφείλει νὰ λάβῃ μέτρα.
Ἡ δεξιὰ ἀντίδρασις ἐν Δυτικῇ Γερμανίᾳ ἀποτελεῖ σοβαρὸν κίνδυνον καὶ ἡ κυβέρνησις ὀφείλει νὰ λάβῃ μέτρα.
ΓΕΩΡΓΙΟΣ Ν. ΚΑΡΝΑΡΗΣ
ΜΑΙΕΥΤΗΡ ΧΕΙΡΟΥΡΓΟΣ ΓΥΝΑΙΚΟΛΟΓΟΣ
ΓΕΩΡΓΙΟΣ Ν. ΠΑΡΙΣΗΣ
ΑΦΡΟΔΙΣΙΑ ΝΟΣΗΜΑΤΑ ΙΑΤΡΟΣ
